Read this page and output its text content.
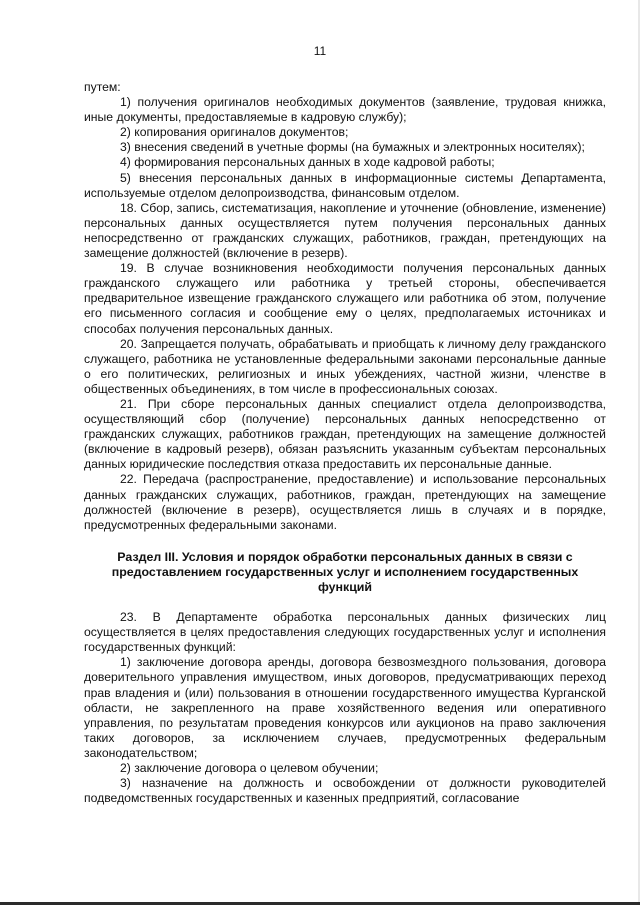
11

путем:

1) получения оригиналов необходимых документов (заявление, трудовая книжка, иные документы, предоставляемые в кадровую службу);

2) копирования оригиналов документов;

3) внесения сведений в учетные формы (на бумажных и электронных носителях);

4) формирования персональных данных в ходе кадровой работы;

5) внесения персональных данных в информационные системы Департамента, используемые отделом делопроизводства, финансовым отделом.

18. Сбор, запись, систематизация, накопление и уточнение (обновление, изменение) персональных данных осуществляется путем получения персональных данных непосредственно от гражданских служащих, работников, граждан, претендующих на замещение должностей (включение в резерв).

19. В случае возникновения необходимости получения персональных данных гражданского служащего или работника у третьей стороны, обеспечивается предварительное извещение гражданского служащего или работника об этом, получение его письменного согласия и сообщение ему о целях, предполагаемых источниках и способах получения персональных данных.

20. Запрещается получать, обрабатывать и приобщать к личному делу гражданского служащего, работника не установленные федеральными законами персональные данные о его политических, религиозных и иных убеждениях, частной жизни, членстве в общественных объединениях, в том числе в профессиональных союзах.

21. При сборе персональных данных специалист отдела делопроизводства, осуществляющий сбор (получение) персональных данных непосредственно от гражданских служащих, работников граждан, претендующих на замещение должностей (включение в кадровый резерв), обязан разъяснить указанным субъектам персональных данных юридические последствия отказа предоставить их персональные данные.

22. Передача (распространение, предоставление) и использование персональных данных гражданских служащих, работников, граждан, претендующих на замещение должностей (включение в резерв), осуществляется лишь в случаях и в порядке, предусмотренных федеральными законами.

Раздел III. Условия и порядок обработки персональных данных в связи с предоставлением государственных услуг и исполнением государственных функций

23. В Департаменте обработка персональных данных физических лиц осуществляется в целях предоставления следующих государственных услуг и исполнения государственных функций:

1) заключение договора аренды, договора безвозмездного пользования, договора доверительного управления имуществом, иных договоров, предусматривающих переход прав владения и (или) пользования в отношении государственного имущества Курганской области, не закрепленного на праве хозяйственного ведения или оперативного управления, по результатам проведения конкурсов или аукционов на право заключения таких договоров, за исключением случаев, предусмотренных федеральным законодательством;

2) заключение договора о целевом обучении;

3) назначение на должность и освобождении от должности руководителей подведомственных государственных и казенных предприятий, согласование
